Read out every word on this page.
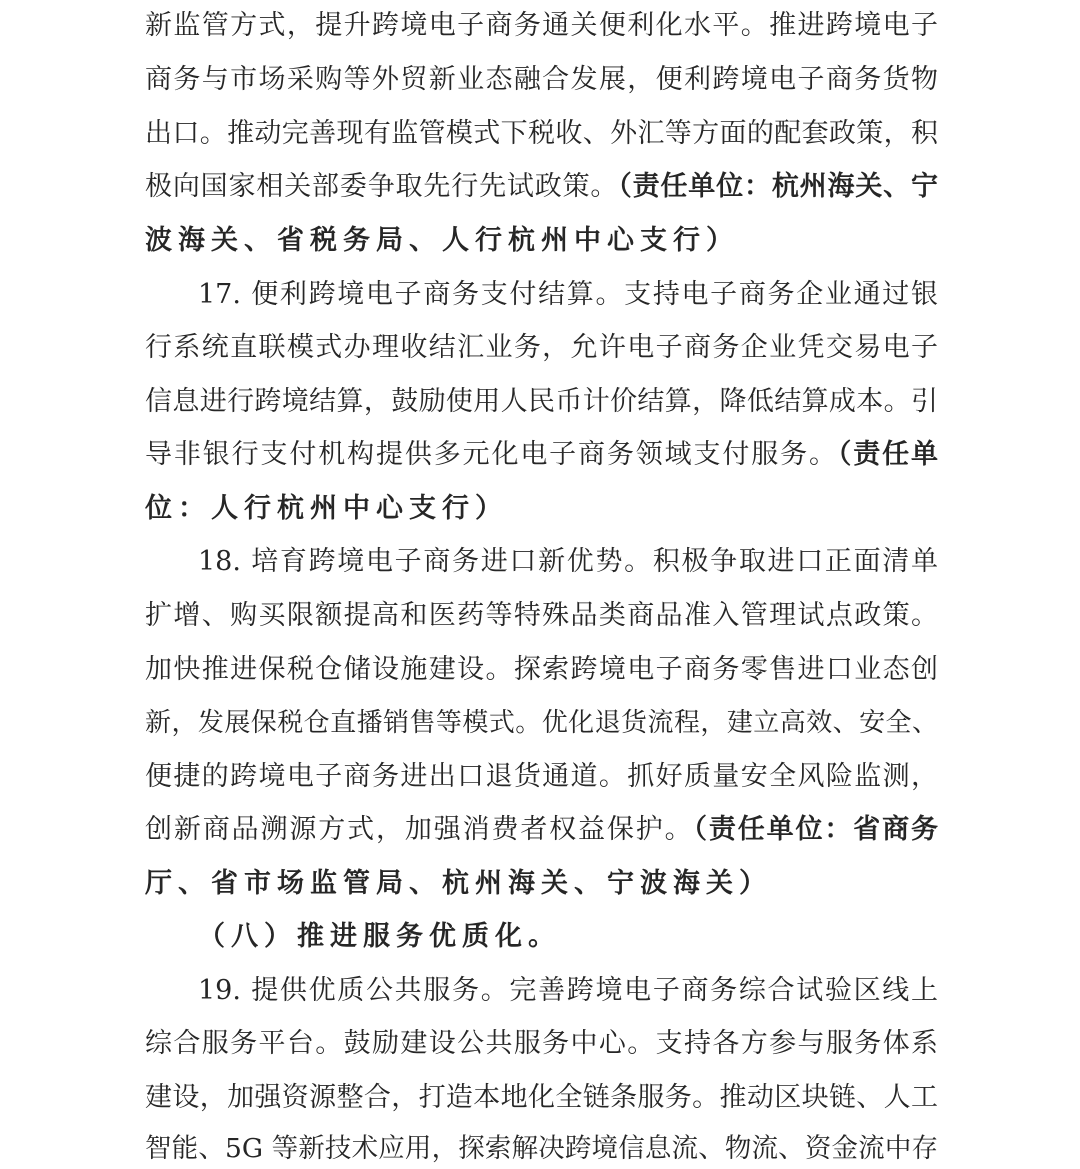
新监管方式，提升跨境电子商务通关便利化水平。推进跨境电子
商务与市场采购等外贸新业态融合发展，便利跨境电子商务货物
出口。推动完善现有监管模式下税收、外汇等方面的配套政策，积
极向国家相关部委争取先行先试政策。（责任单位：杭州海关、宁
波海关、省税务局、人行杭州中心支行）
17. 便利跨境电子商务支付结算。支持电子商务企业通过银
行系统直联模式办理收结汇业务，允许电子商务企业凭交易电子
信息进行跨境结算，鼓励使用人民币计价结算，降低结算成本。引
导非银行支付机构提供多元化电子商务领域支付服务。（责任单
位：人行杭州中心支行）
18. 培育跨境电子商务进口新优势。积极争取进口正面清单
扩增、购买限额提高和医药等特殊品类商品准入管理试点政策。
加快推进保税仓储设施建设。探索跨境电子商务零售进口业态创
新，发展保税仓直播销售等模式。优化退货流程，建立高效、安全、
便捷的跨境电子商务进出口退货通道。抓好质量安全风险监测，
创新商品溯源方式，加强消费者权益保护。（责任单位：省商务
厅、省市场监管局、杭州海关、宁波海关）
（八）推进服务优质化。
19. 提供优质公共服务。完善跨境电子商务综合试验区线上
综合服务平台。鼓励建设公共服务中心。支持各方参与服务体系
建设，加强资源整合，打造本地化全链条服务。推动区块链、人工
智能、5G 等新技术应用，探索解决跨境信息流、物流、资金流中存
